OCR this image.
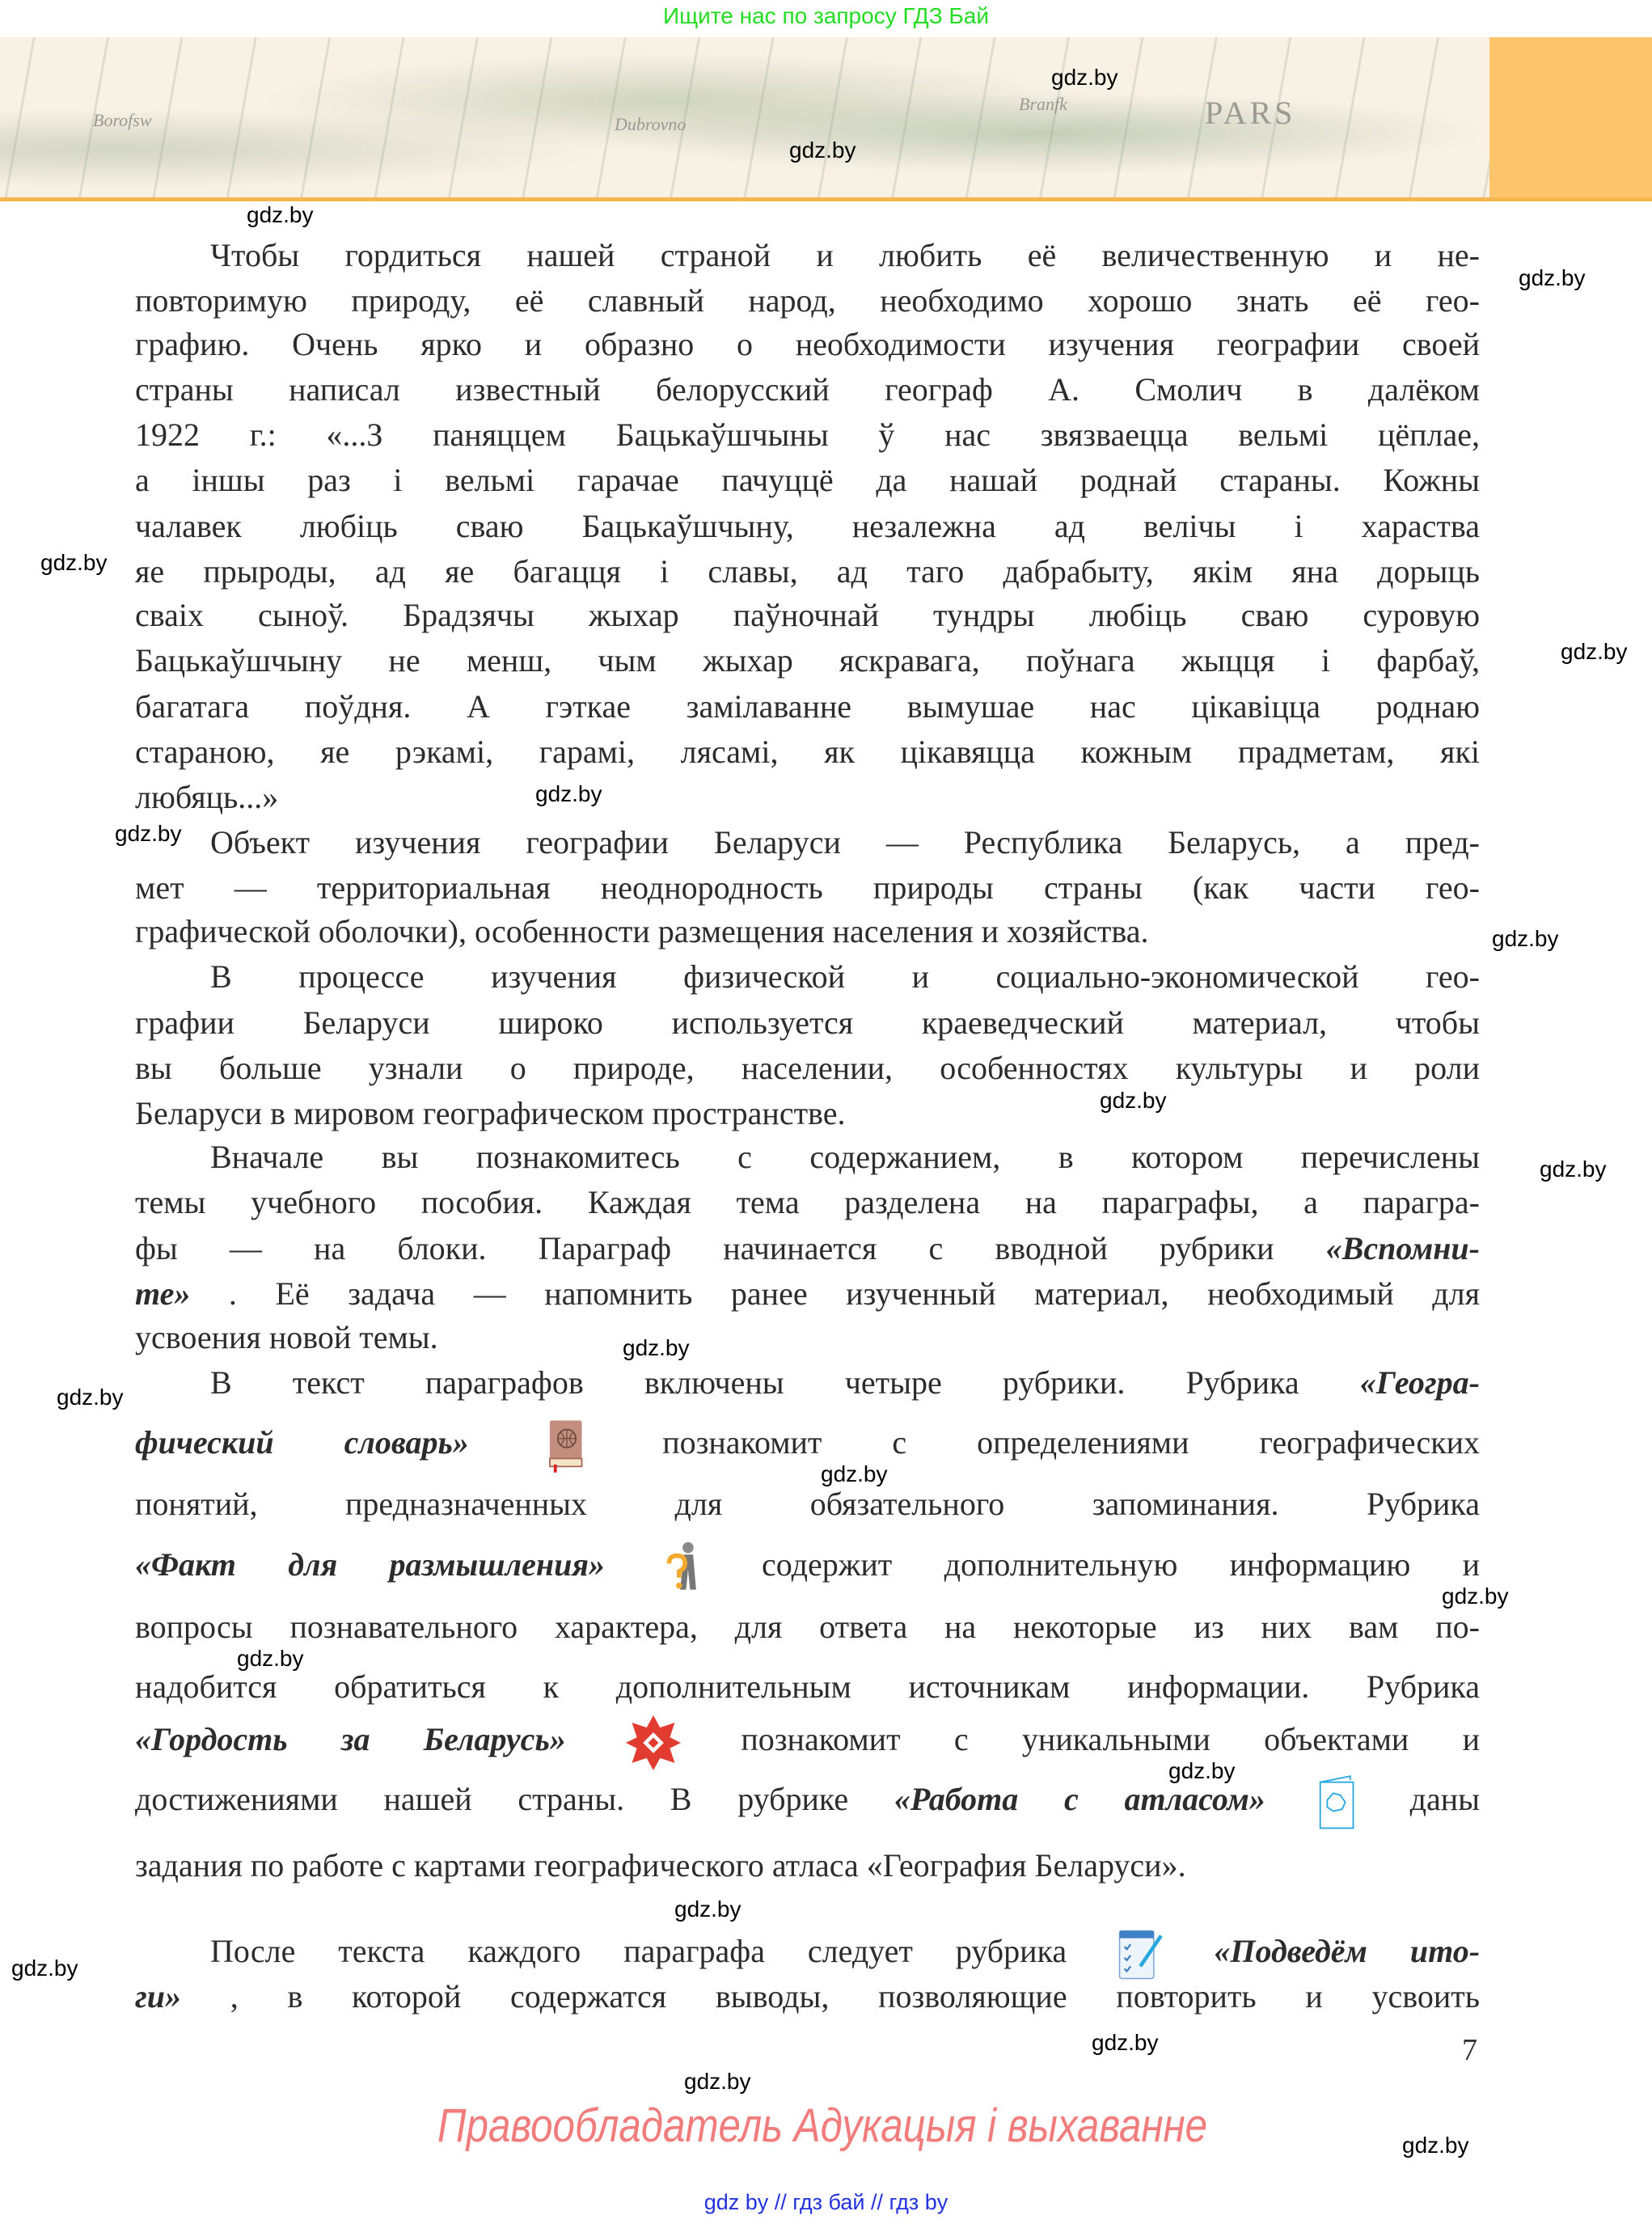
Ищите нас по запросу ГДЗ Бай
PARS
Dubrovno
Branfk
Borofsw
Чтобы гордиться нашей страной и любить её величественную и не-
повторимую природу, её славный народ, необходимо хорошо знать её гео-
графию. Очень ярко и образно о необходимости изучения географии своей
страны написал известный белорусский географ А. Смолич в далёком
1922 г.: «...З паняццем Бацькаўшчыны ў нас звязваецца вельмі цёплае,
а іншы раз і вельмі гарачае пачуццё да нашай роднай стараны. Кожны
чалавек любіць сваю Бацькаўшчыну, незалежна ад велічы і хараства
яе прыроды, ад яе багацця і славы, ад таго дабрабыту, якім яна дорыць
сваіх сыноў. Брадзячы жыхар паўночнай тундры любіць сваю суровую
Бацькаўшчыну не менш, чым жыхар яскравага, поўнага жыцця і фарбаў,
багатага поўдня. А гэткае замілаванне вымушае нас цікавіцца роднаю
стараною, яе рэкамі, гарамі, лясамі, як цікавяцца кожным прадметам, які
любяць...»
Объект изучения географии Беларуси — Республика Беларусь, а пред-
мет — территориальная неоднородность природы страны (как части гео-
графической оболочки), особенности размещения населения и хозяйства.
В процессе изучения физической и социально-экономической гео-
графии Беларуси широко используется краеведческий материал, чтобы
вы больше узнали о природе, населении, особенностях культуры и роли
Беларуси в мировом географическом пространстве.
Вначале вы познакомитесь с содержанием, в котором перечислены
темы учебного пособия. Каждая тема разделена на параграфы, а парагра-
фы — на блоки. Параграф начинается с вводной рубрики «Вспомни-
те» . Её задача — напомнить ранее изученный материал, необходимый для
усвоения новой темы.
В текст параграфов включены четыре рубрики. Рубрика «Геогра-
фический словарь»	познакомит с определениями географических
понятий, предназначенных для обязательного запоминания. Рубрика
«Факт для размышления»	содержит дополнительную информацию и
вопросы познавательного характера, для ответа на некоторые из них вам по-
надобится обратиться к дополнительным источникам информации. Рубрика
«Гордость за Беларусь»	познакомит с уникальными объектами и
достижениями нашей страны. В рубрике «Работа с атласом»	даны
задания по работе с картами географического атласа «География Беларуси».
После текста каждого параграфа следует рубрика	«Подведём ито-
ги» , в которой содержатся выводы, позволяющие повторить и усвоить
gdz.by
gdz.by
gdz.by
gdz.by
gdz.by
gdz.by
gdz.by
gdz.by
gdz.by
gdz.by
gdz.by
gdz.by
gdz.by
gdz.by
gdz.by
gdz.by
gdz.by
gdz.by
gdz.by
gdz.by
gdz.by
gdz.by
7
Правообладатель Адукацыя і выхаванне
gdz by // гдз бай // гдз by
